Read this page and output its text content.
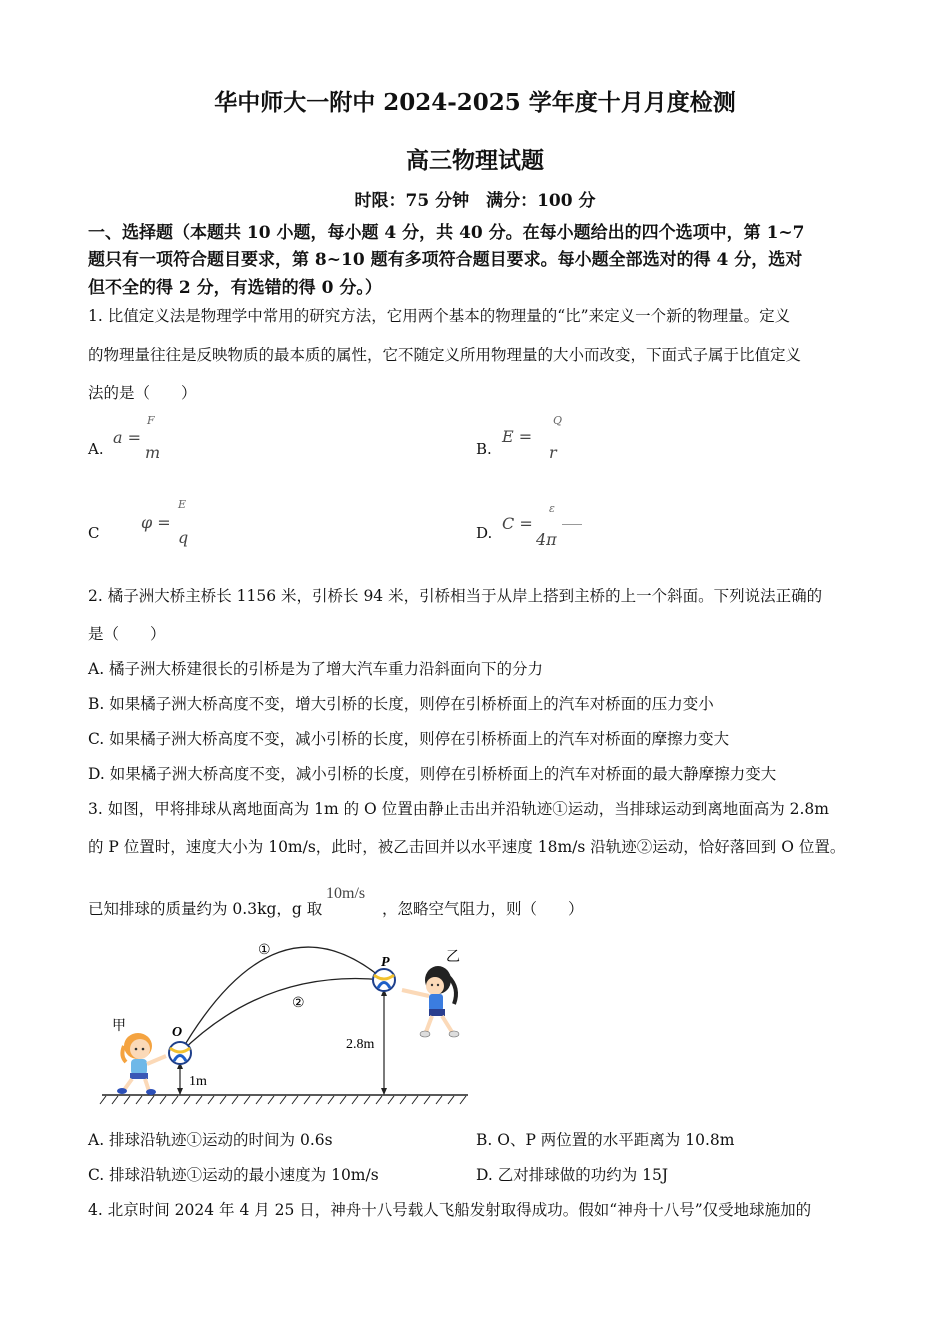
华中师大一附中 2024-2025 学年度十月月度检测
高三物理试题
时限：75 分钟　满分：100 分
一、选择题（本题共 10 小题，每小题 4 分，共 40 分。在每小题给出的四个选项中，第 1~7
题只有一项符合题目要求，第 8~10 题有多项符合题目要求。每小题全部选对的得 4 分，选对
但不全的得 2 分，有选错的得 0 分。）
1. 比值定义法是物理学中常用的研究方法，它用两个基本的物理量的“比”来定义一个新的物理量。定义
的物理量往往是反映物质的最本质的属性，它不随定义所用物理量的大小而改变，下面式子属于比值定义
法的是（　　）
A.
a =
F
m	B.
E =
Q
r
C
φ =
E
q	D. C =
ε
4π
2. 橘子洲大桥主桥长 1156 米，引桥长 94 米，引桥相当于从岸上搭到主桥的上一个斜面。下列说法正确的
是（　　）
A. 橘子洲大桥建很长的引桥是为了增大汽车重力沿斜面向下的分力
B. 如果橘子洲大桥高度不变，增大引桥的长度，则停在引桥桥面上的汽车对桥面的压力变小
C. 如果橘子洲大桥高度不变，减小引桥的长度，则停在引桥桥面上的汽车对桥面的摩擦力变大
D. 如果橘子洲大桥高度不变，减小引桥的长度，则停在引桥桥面上的汽车对桥面的最大静摩擦力变大
3. 如图，甲将排球从离地面高为 1m 的 O 位置由静止击出并沿轨迹①运动，当排球运动到离地面高为 2.8m
的 P 位置时，速度大小为 10m/s，此时，被乙击回并以水平速度 18m/s 沿轨迹②运动，恰好落回到 O 位置。
已知排球的质量约为 0.3kg，g 取
10m/s
，忽略空气阻力，则（　　）
①
②
O
P
甲
乙
1m
2.8m
A. 排球沿轨迹①运动的时间为 0.6s	B. O、P 两位置的水平距离为 10.8m
C. 排球沿轨迹①运动的最小速度为 10m/s	D. 乙对排球做的功约为 15J
4. 北京时间 2024 年 4 月 25 日，神舟十八号载人飞船发射取得成功。假如“神舟十八号”仅受地球施加的
